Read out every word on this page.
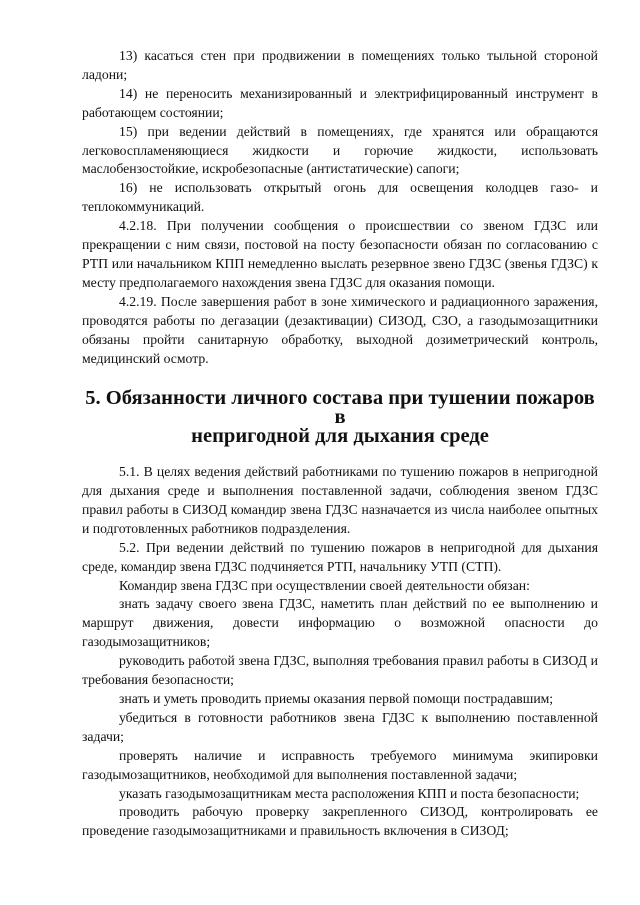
13) касаться стен при продвижении в помещениях только тыльной стороной ладони;

14) не переносить механизированный и электрифицированный инструмент в работающем состоянии;

15) при ведении действий в помещениях, где хранятся или обращаются легковоспламеняющиеся жидкости и горючие жидкости, использовать маслобензостойкие, искробезопасные (антистатические) сапоги;

16) не использовать открытый огонь для освещения колодцев газо- и теплокоммуникаций.

4.2.18. При получении сообщения о происшествии со звеном ГДЗС или прекращении с ним связи, постовой на посту безопасности обязан по согласованию с РТП или начальником КПП немедленно выслать резервное звено ГДЗС (звенья ГДЗС) к месту предполагаемого нахождения звена ГДЗС для оказания помощи.

4.2.19. После завершения работ в зоне химического и радиационного заражения, проводятся работы по дегазации (дезактивации) СИЗОД, СЗО, а газодымозащитники обязаны пройти санитарную обработку, выходной дозиметрический контроль, медицинский осмотр.

5. Обязанности личного состава при тушении пожаров в
непригодной для дыхания среде

5.1. В целях ведения действий работниками по тушению пожаров в непригодной для дыхания среде и выполнения поставленной задачи, соблюдения звеном ГДЗС правил работы в СИЗОД командир звена ГДЗС назначается из числа наиболее опытных и подготовленных работников подразделения.

5.2. При ведении действий по тушению пожаров в непригодной для дыхания среде, командир звена ГДЗС подчиняется РТП, начальнику УТП (СТП).

Командир звена ГДЗС при осуществлении своей деятельности обязан:

знать задачу своего звена ГДЗС, наметить план действий по ее выполнению и маршрут движения, довести информацию о возможной опасности до газодымозащитников;

руководить работой звена ГДЗС, выполняя требования правил работы в СИЗОД и требования безопасности;

знать и уметь проводить приемы оказания первой помощи пострадавшим;

убедиться в готовности работников звена ГДЗС к выполнению поставленной задачи;

проверять наличие и исправность требуемого минимума экипировки газодымозащитников, необходимой для выполнения поставленной задачи;

указать газодымозащитникам места расположения КПП и поста безопасности;

проводить рабочую проверку закрепленного СИЗОД, контролировать ее проведение газодымозащитниками и правильность включения в СИЗОД;
